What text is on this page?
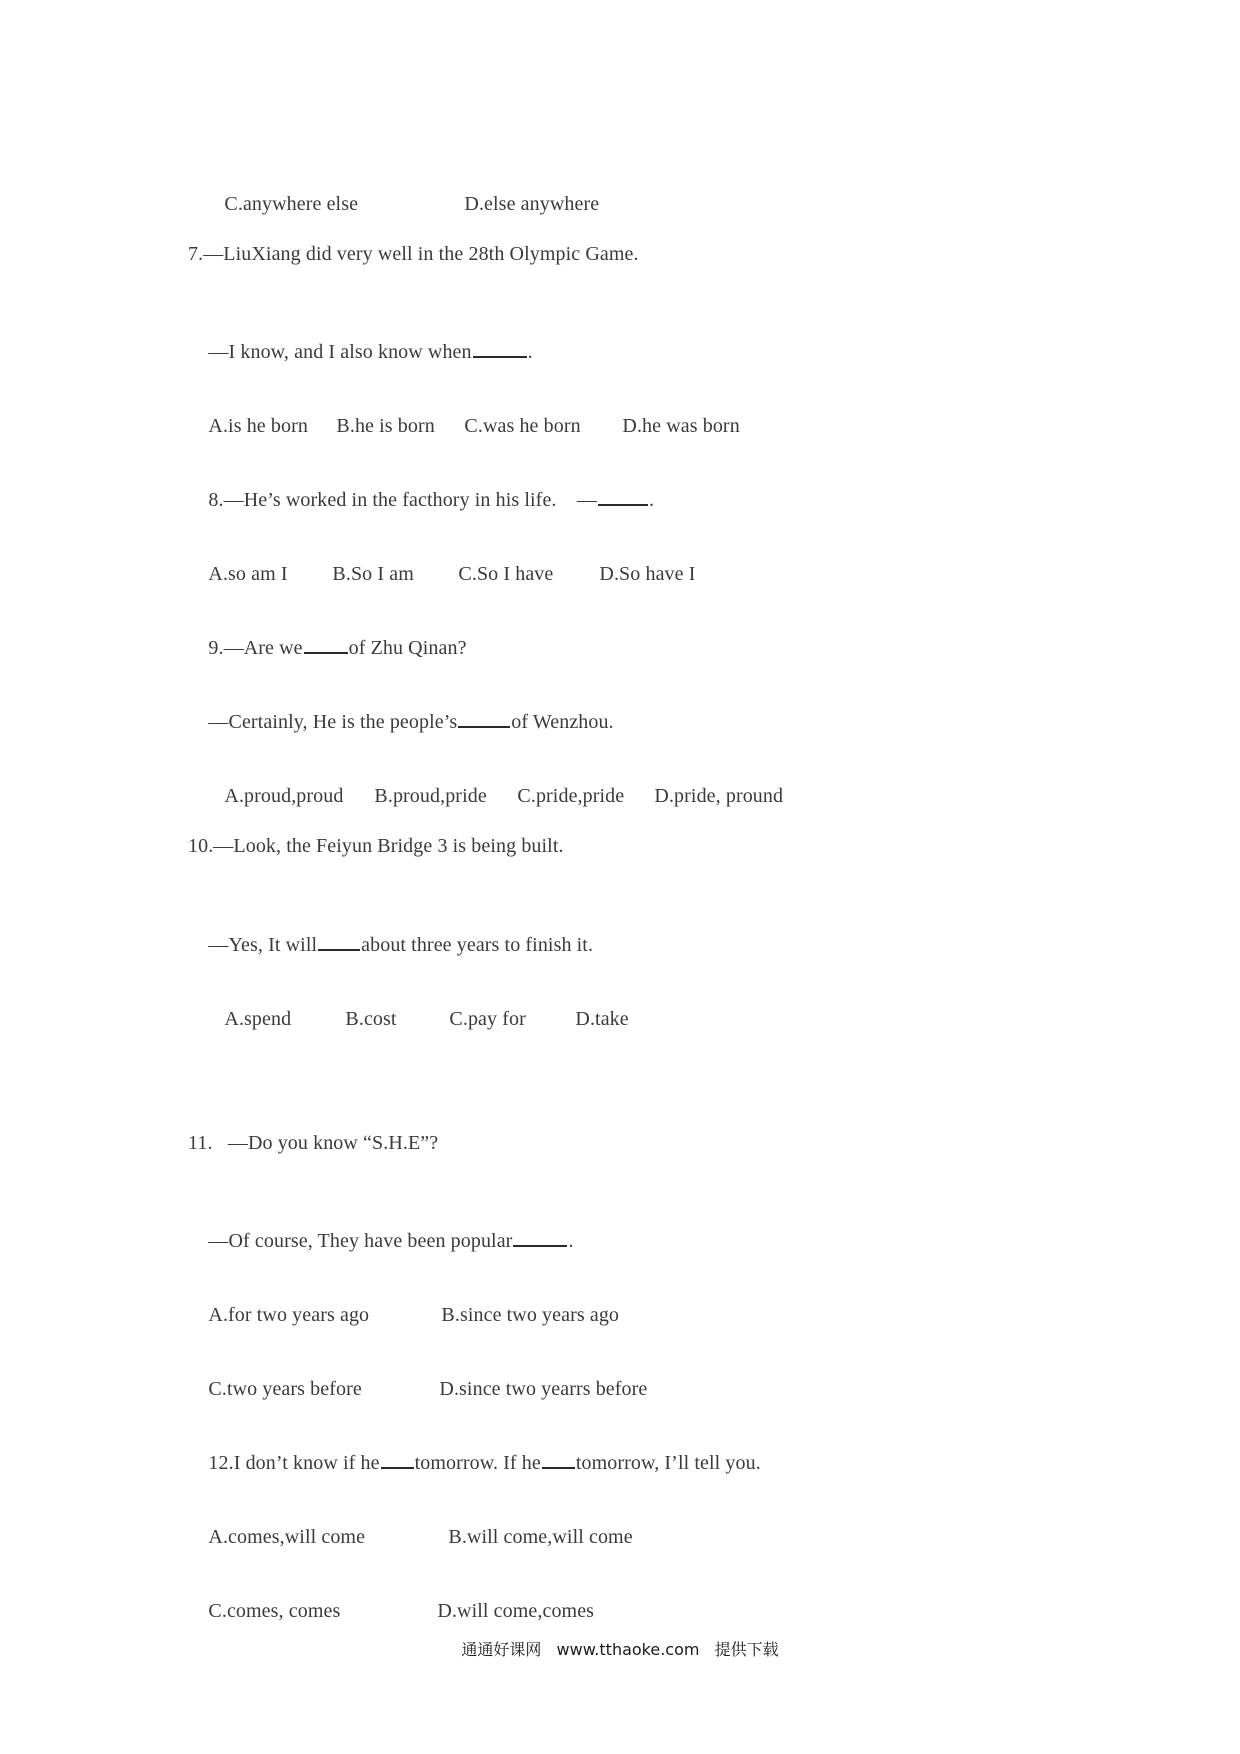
C.anywhere else	D.else anywhere

7.—LiuXiang did very well in the 28th Olympic Game.

—I know, and I also know when	.

A.is he born B.he is born C.was he born D.he was born

8.—He’s worked in the facthory in his life.    —	.

A.so am I B.So I am C.So I have D.So have I

9.—Are we of Zhu Qinan?

—Certainly, He is the people’s	of Wenzhou.

A.proud,proud B.proud,pride C.pride,pride D.pride, pround

10.—Look, the Feiyun Bridge 3 is being built.

—Yes, It will about three years to finish it.

A.spend	B.cost	C.pay for D.take

11.   —Do you know “S.H.E”?

—Of course, They have been popular	.

A.for two years ago	B.since two years ago

C.two years before	D.since two yearrs before

12.I don’t know if he tomorrow. If he tomorrow, I’ll tell you.

A.comes,will come	B.will come,will come

C.comes, comes	D.will come,comes

通通好课网 www.tthaoke.com 提供下载
